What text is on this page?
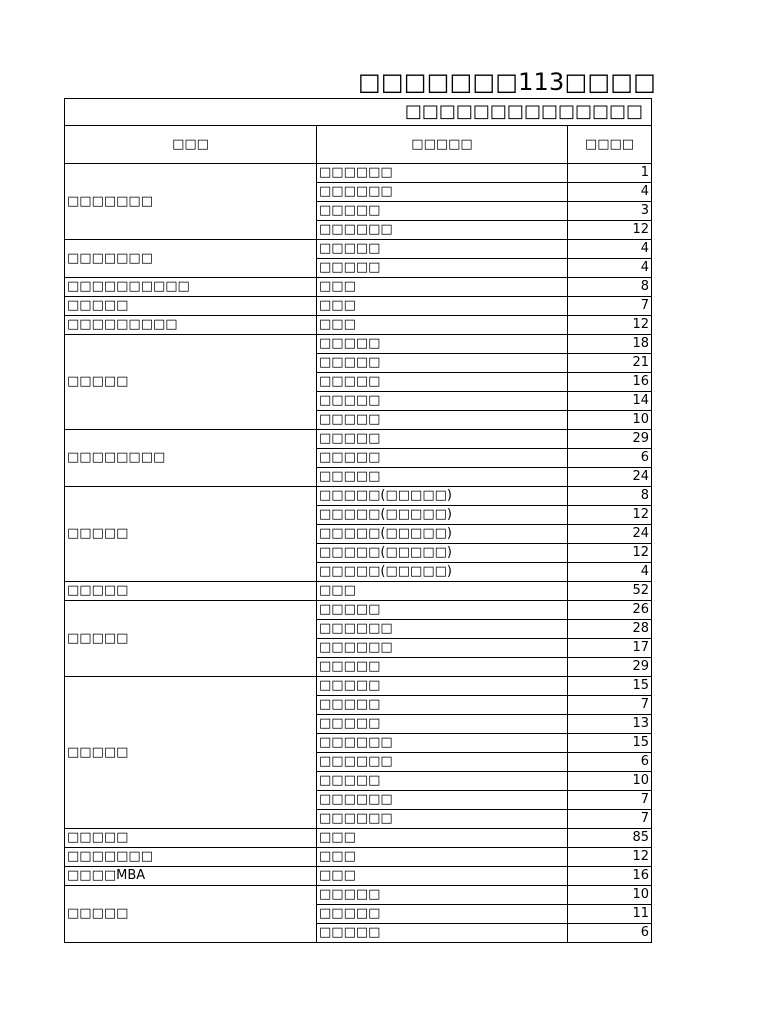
□□□□□□□113□□□□
□□□□□□□□□□□□□□		
□□□	□□□□□	□□□□
□□□□□□□	□□□□□□	1
	□□□□□□	4
	□□□□□	3
	□□□□□□	12
□□□□□□□	□□□□□	4
	□□□□□	4
□□□□□□□□□□	□□□	8
□□□□□	□□□	7
□□□□□□□□□	□□□	12
□□□□□	□□□□□	18
	□□□□□	21
	□□□□□	16
	□□□□□	14
	□□□□□	10
□□□□□□□□	□□□□□	29
	□□□□□	6
	□□□□□	24
□□□□□	□□□□□(□□□□□)	8
	□□□□□(□□□□□)	12
	□□□□□(□□□□□)	24
	□□□□□(□□□□□)	12
	□□□□□(□□□□□)	4
□□□□□	□□□	52
□□□□□	□□□□□	26
	□□□□□□	28
	□□□□□□	17
	□□□□□	29
□□□□□	□□□□□	15
	□□□□□	7
	□□□□□	13
	□□□□□□	15
	□□□□□□	6
	□□□□□	10
	□□□□□□	7
	□□□□□□	7
□□□□□	□□□	85
□□□□□□□	□□□	12
□□□□MBA	□□□	16
□□□□□	□□□□□	10
	□□□□□	11
	□□□□□	6
